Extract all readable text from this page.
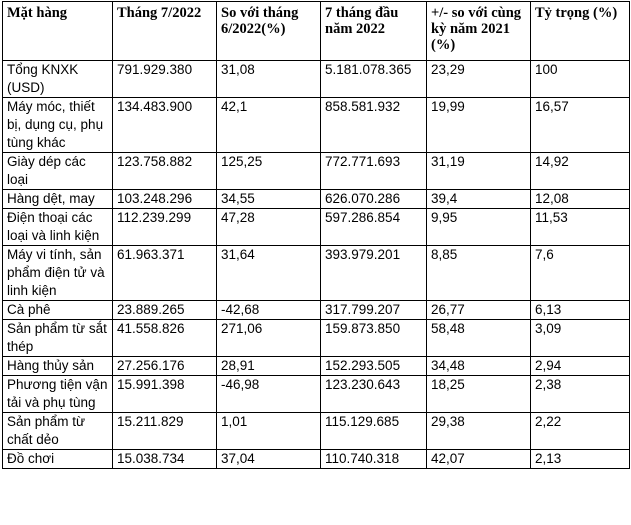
Mặt hàng	Tháng 7/2022	So với tháng 6/2022(%)	7 tháng đầu năm 2022	+/- so với cùng kỳ năm 2021 (%)	Tỷ trọng (%)
Tổng KNXK (USD)	791.929.380	31,08	5.181.078.365	23,29	100
Máy móc, thiết bị, dụng cụ, phụ tùng khác	134.483.900	42,1	858.581.932	19,99	16,57
Giày dép các loại	123.758.882	125,25	772.771.693	31,19	14,92
Hàng dệt, may	103.248.296	34,55	626.070.286	39,4	12,08
Điện thoại các loại và linh kiện	112.239.299	47,28	597.286.854	9,95	11,53
Máy vi tính, sản phẩm điện tử và linh kiện	61.963.371	31,64	393.979.201	8,85	7,6
Cà phê	23.889.265	-42,68	317.799.207	26,77	6,13
Sản phẩm từ sắt thép	41.558.826	271,06	159.873.850	58,48	3,09
Hàng thủy sản	27.256.176	28,91	152.293.505	34,48	2,94
Phương tiện vận tải và phụ tùng	15.991.398	-46,98	123.230.643	18,25	2,38
Sản phẩm từ chất dẻo	15.211.829	1,01	115.129.685	29,38	2,22
Đồ chơi	15.038.734	37,04	110.740.318	42,07	2,13
